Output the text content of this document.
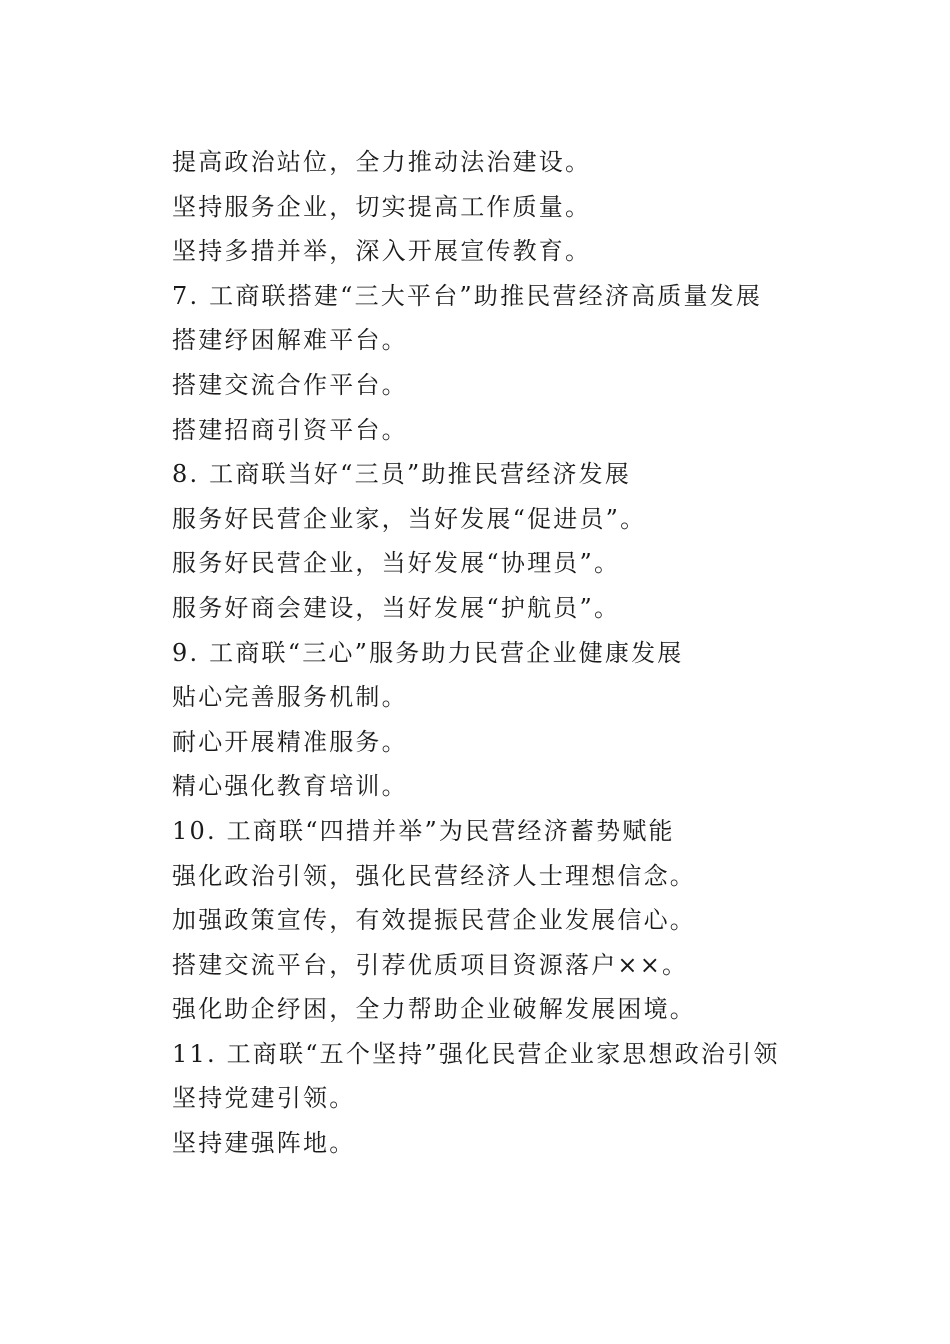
提高政治站位，全力推动法治建设。
坚持服务企业，切实提高工作质量。
坚持多措并举，深入开展宣传教育。
7. 工商联搭建“三大平台”助推民营经济高质量发展
搭建纾困解难平台。
搭建交流合作平台。
搭建招商引资平台。
8. 工商联当好“三员”助推民营经济发展
服务好民营企业家，当好发展“促进员”。
服务好民营企业，当好发展“协理员”。
服务好商会建设，当好发展“护航员”。
9. 工商联“三心”服务助力民营企业健康发展
贴心完善服务机制。
耐心开展精准服务。
精心强化教育培训。
10. 工商联“四措并举”为民营经济蓄势赋能
强化政治引领，强化民营经济人士理想信念。
加强政策宣传，有效提振民营企业发展信心。
搭建交流平台，引荐优质项目资源落户××。
强化助企纾困，全力帮助企业破解发展困境。
11. 工商联“五个坚持”强化民营企业家思想政治引领
坚持党建引领。
坚持建强阵地。
